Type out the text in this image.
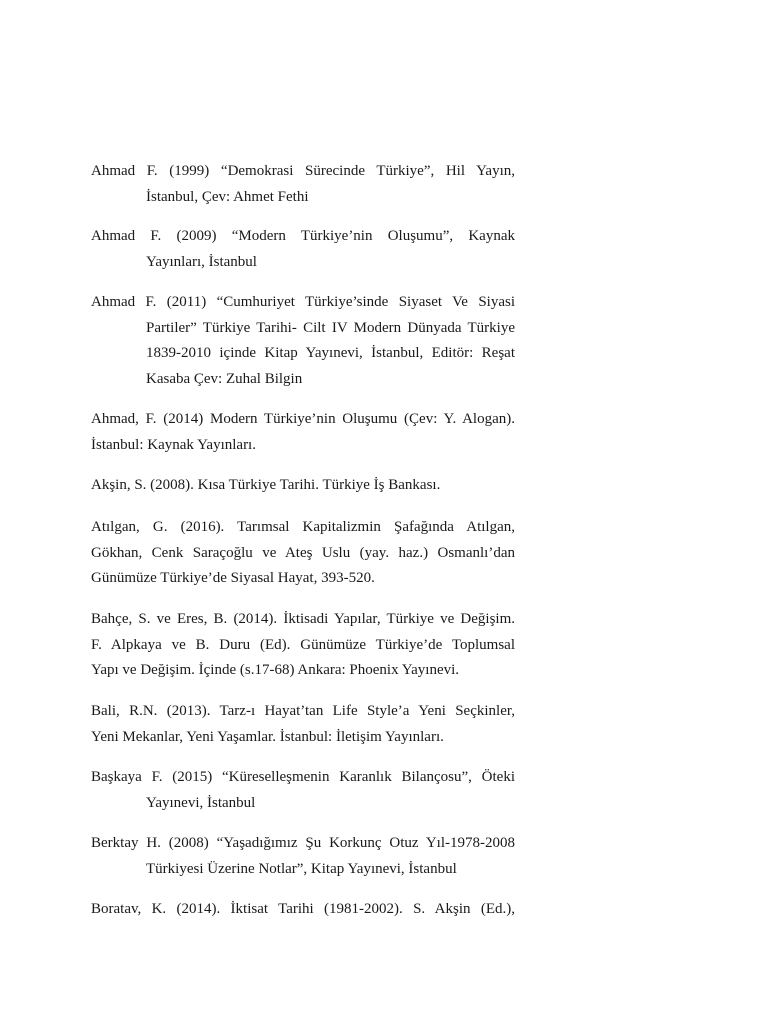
Ahmad F. (1999) “Demokrasi Sürecinde Türkiye”, Hil Yayın,
İstanbul, Çev: Ahmet Fethi
Ahmad F. (2009) “Modern Türkiye’nin Oluşumu”, Kaynak
Yayınları, İstanbul
Ahmad F. (2011) “Cumhuriyet Türkiye’sinde Siyaset Ve Siyasi
Partiler” Türkiye Tarihi- Cilt IV Modern Dünyada Türkiye
1839-2010 içinde Kitap Yayınevi, İstanbul, Editör: Reşat
Kasaba Çev: Zuhal Bilgin
Ahmad, F. (2014) Modern Türkiye’nin Oluşumu (Çev: Y. Alogan).
İstanbul: Kaynak Yayınları.
Akşin, S. (2008). Kısa Türkiye Tarihi. Türkiye İş Bankası.
Atılgan, G. (2016). Tarımsal Kapitalizmin Şafağında Atılgan,
Gökhan, Cenk Saraçoğlu ve Ateş Uslu (yay. haz.) Osmanlı’dan
Günümüze Türkiye’de Siyasal Hayat, 393-520.
Bahçe, S. ve Eres, B. (2014). İktisadi Yapılar, Türkiye ve Değişim.
F. Alpkaya ve B. Duru (Ed). Günümüze Türkiye’de Toplumsal
Yapı ve Değişim. İçinde (s.17-68) Ankara: Phoenix Yayınevi.
Bali, R.N. (2013). Tarz-ı Hayat’tan Life Style’a Yeni Seçkinler,
Yeni Mekanlar, Yeni Yaşamlar. İstanbul: İletişim Yayınları.
Başkaya F. (2015) “Küreselleşmenin Karanlık Bilançosu”, Öteki
Yayınevi, İstanbul
Berktay H. (2008) “Yaşadığımız Şu Korkunç Otuz Yıl-1978-2008
Türkiyesi Üzerine Notlar”, Kitap Yayınevi, İstanbul
Boratav, K. (2014). İktisat Tarihi (1981-2002). S. Akşin (Ed.),
